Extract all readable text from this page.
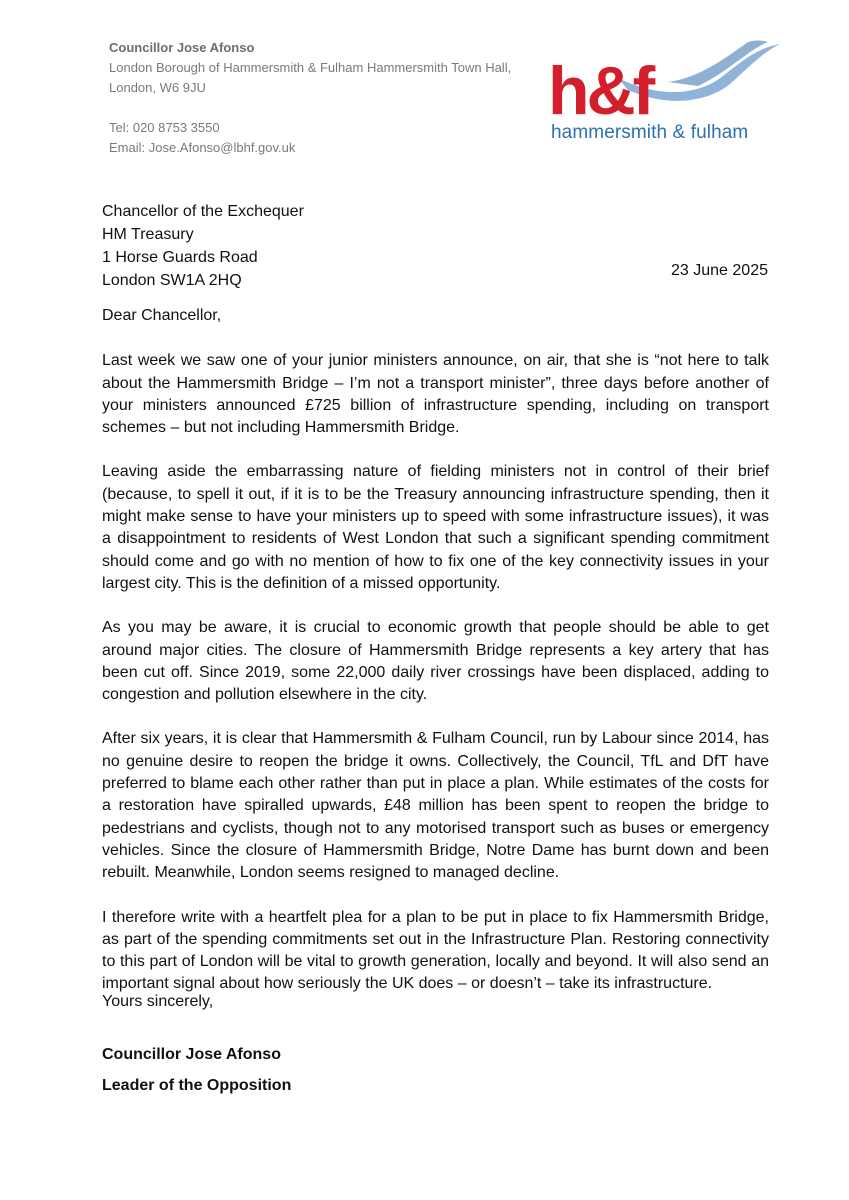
Councillor Jose Afonso
London Borough of Hammersmith & Fulham Hammersmith Town Hall, London, W6 9JU
Tel: 020 8753 3550
Email: Jose.Afonso@lbhf.gov.uk
h&f
hammersmith & fulham
Chancellor of the Exchequer
HM Treasury
1 Horse Guards Road
London SW1A 2HQ
23 June 2025

Dear Chancellor,

Last week we saw one of your junior ministers announce, on air, that she is “not here to talk about the Hammersmith Bridge – I’m not a transport minister”, three days before another of your ministers announced £725 billion of infrastructure spending, including on transport schemes – but not including Hammersmith Bridge.

Leaving aside the embarrassing nature of fielding ministers not in control of their brief (because, to spell it out, if it is to be the Treasury announcing infrastructure spending, then it might make sense to have your ministers up to speed with some infrastructure issues), it was a disappointment to residents of West London that such a significant spending commitment should come and go with no mention of how to fix one of the key connectivity issues in your largest city. This is the definition of a missed opportunity.

As you may be aware, it is crucial to economic growth that people should be able to get around major cities. The closure of Hammersmith Bridge represents a key artery that has been cut off. Since 2019, some 22,000 daily river crossings have been displaced, adding to congestion and pollution elsewhere in the city.

After six years, it is clear that Hammersmith & Fulham Council, run by Labour since 2014, has no genuine desire to reopen the bridge it owns. Collectively, the Council, TfL and DfT have preferred to blame each other rather than put in place a plan. While estimates of the costs for a restoration have spiralled upwards, £48 million has been spent to reopen the bridge to pedestrians and cyclists, though not to any motorised transport such as buses or emergency vehicles. Since the closure of Hammersmith Bridge, Notre Dame has burnt down and been rebuilt. Meanwhile, London seems resigned to managed decline.

I therefore write with a heartfelt plea for a plan to be put in place to fix Hammersmith Bridge, as part of the spending commitments set out in the Infrastructure Plan. Restoring connectivity to this part of London will be vital to growth generation, locally and beyond. It will also send an important signal about how seriously the UK does – or doesn’t – take its infrastructure.

Yours sincerely,
Councillor Jose Afonso
Leader of the Opposition
